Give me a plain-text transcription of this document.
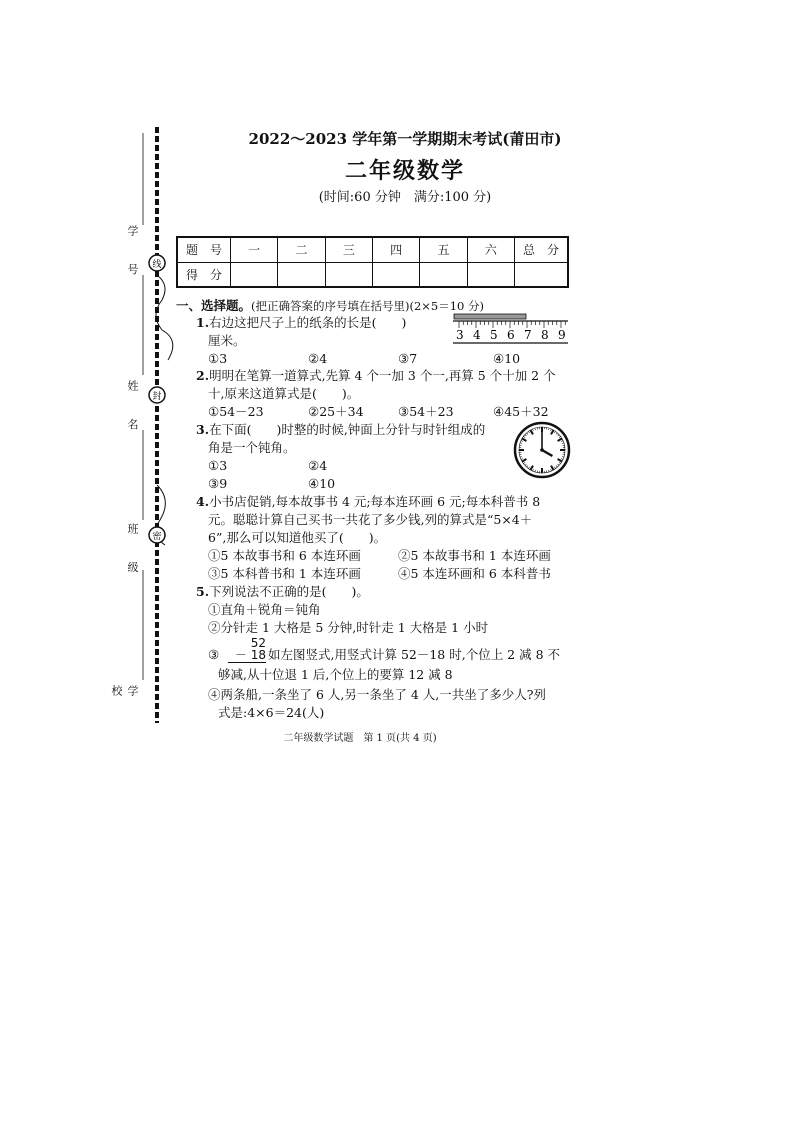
线
封
密
学 号
姓 名
班 级
学 校
2022～2023 学年第一学期期末考试(莆田市)
二年级数学
(时间:60 分钟　满分:100 分)
题　号	一	二	三	四	五	六	总　分
得　分							
一、选择题。(把正确答案的序号填在括号里)(2×5＝10 分)
1.右边这把尺子上的纸条的长是(　　)
厘米。
①3	②4	③7	④10
3 4 5 6 7 8 9
2.明明在笔算一道算式,先算 4 个一加 3 个一,再算 5 个十加 2 个
十,原来这道算式是(　　)。
①54－23	②25＋34	③54＋23	④45＋32
3.在下面(　　)时整的时候,钟面上分针与时针组成的
角是一个钝角。
①3	②4
③9	④10
4.小书店促销,每本故事书 4 元;每本连环画 6 元;每本科普书 8
元。聪聪计算自己买书一共花了多少钱,列的算式是“5×4＋
6”,那么可以知道他买了(　　)。
①5 本故事书和 6 本连环画	②5 本故事书和 1 本连环画
③5 本科普书和 1 本连环画	④5 本连环画和 6 本科普书
5.下列说法不正确的是(　　)。
①直角＋锐角＝钝角
②分针走 1 大格是 5 分钟,时针走 1 大格是 1 小时
③
52
－ 18 如左图竖式,用竖式计算 52－18 时,个位上 2 减 8 不
够减,从十位退 1 后,个位上的要算 12 减 8
④两条船,一条坐了 6 人,另一条坐了 4 人,一共坐了多少人?列
式是:4×6＝24(人)
二年级数学试题　第 1 页(共 4 页)
